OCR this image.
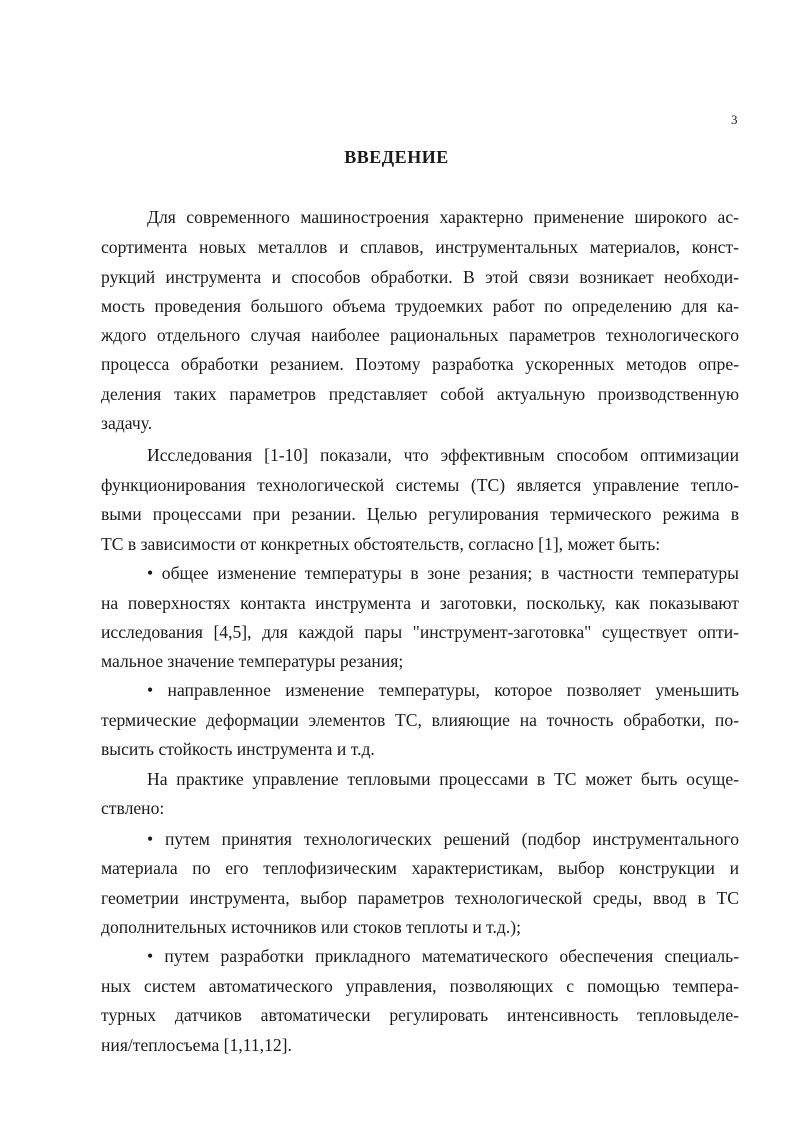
3
ВВЕДЕНИЕ
Для современного машиностроения характерно применение широкого ас-
сортимента новых металлов и сплавов, инструментальных материалов, конст-
рукций инструмента и способов обработки. В этой связи возникает необходи-
мость проведения большого объема трудоемких работ по определению для ка-
ждого отдельного случая наиболее рациональных параметров технологического
процесса обработки резанием. Поэтому разработка ускоренных методов опре-
деления таких параметров представляет собой актуальную производственную
задачу.
Исследования [1-10] показали, что эффективным способом оптимизации
функционирования технологической системы (ТС) является управление тепло-
выми процессами при резании. Целью регулирования термического режима в
ТС в зависимости от конкретных обстоятельств, согласно [1], может быть:
• общее изменение температуры в зоне резания; в частности температуры
на поверхностях контакта инструмента и заготовки, поскольку, как показывают
исследования [4,5], для каждой пары "инструмент-заготовка" существует опти-
мальное значение температуры резания;
• направленное изменение температуры, которое позволяет уменьшить
термические деформации элементов ТС, влияющие на точность обработки, по-
высить стойкость инструмента и т.д.
На практике управление тепловыми процессами в ТС может быть осуще-
ствлено:
• путем принятия технологических решений (подбор инструментального
материала по его теплофизическим характеристикам, выбор конструкции и
геометрии инструмента, выбор параметров технологической среды, ввод в ТС
дополнительных источников или стоков теплоты и т.д.);
• путем разработки прикладного математического обеспечения специаль-
ных систем автоматического управления, позволяющих с помощью темпера-
турных датчиков автоматически регулировать интенсивность тепловыделе-
ния/теплосъема [1,11,12].
